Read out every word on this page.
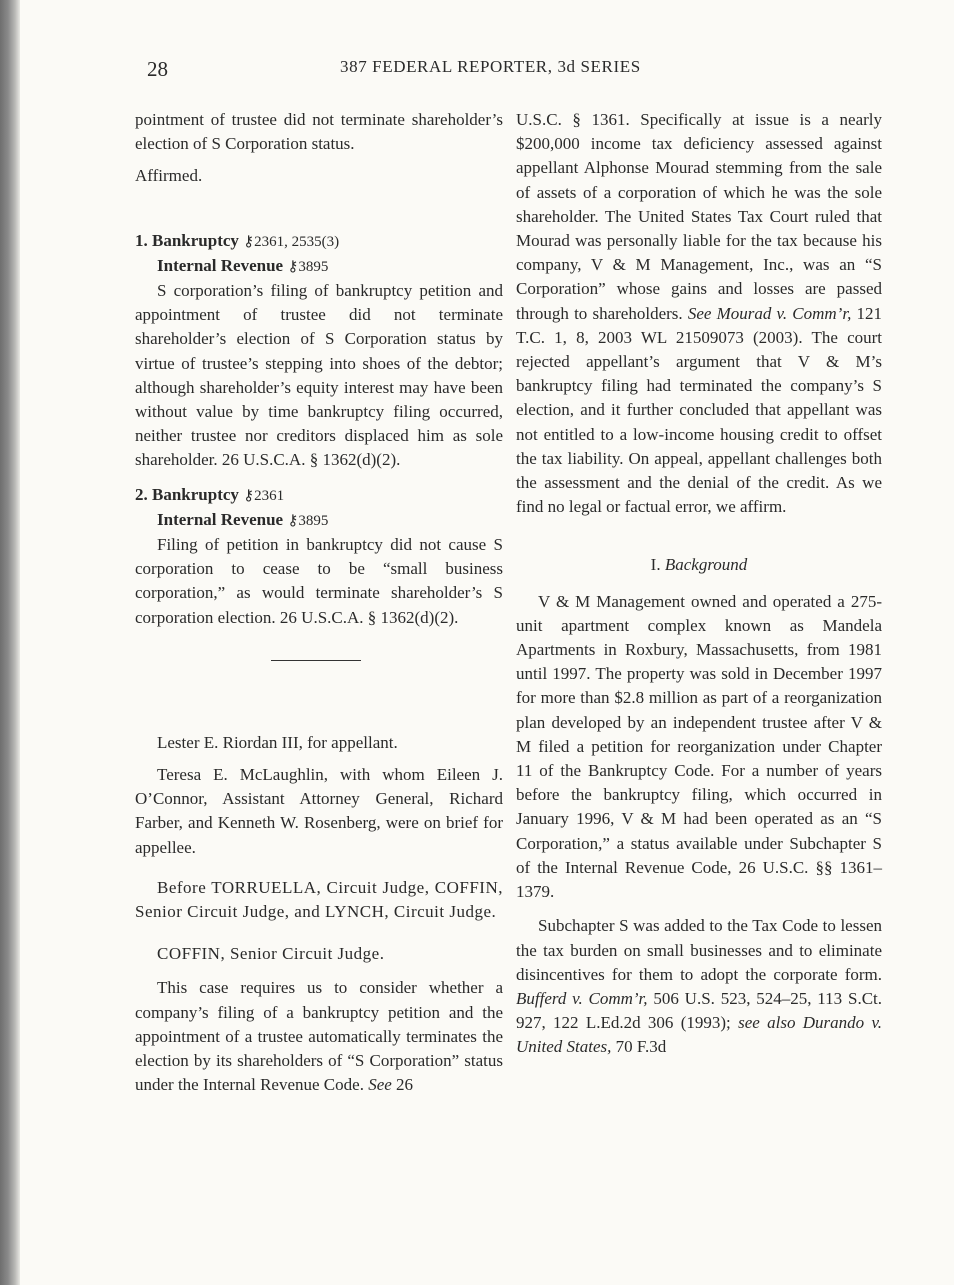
28	387 FEDERAL REPORTER, 3d SERIES

pointment of trustee did not terminate shareholder’s election of S Corporation status.

Affirmed.

1. Bankruptcy ⚷2361, 2535(3)

Internal Revenue ⚷3895

S corporation’s filing of bankruptcy petition and appointment of trustee did not terminate shareholder’s election of S Corporation status by virtue of trustee’s stepping into shoes of the debtor; although shareholder’s equity interest may have been without value by time bankruptcy filing occurred, neither trustee nor creditors displaced him as sole shareholder. 26 U.S.C.A. § 1362(d)(2).

2. Bankruptcy ⚷2361

Internal Revenue ⚷3895

Filing of petition in bankruptcy did not cause S corporation to cease to be “small business corporation,” as would terminate shareholder’s S corporation election. 26 U.S.C.A. § 1362(d)(2).

Lester E. Riordan III, for appellant.

Teresa E. McLaughlin, with whom Eileen J. O’Connor, Assistant Attorney General, Richard Farber, and Kenneth W. Rosenberg, were on brief for appellee.

Before TORRUELLA, Circuit Judge, COFFIN, Senior Circuit Judge, and LYNCH, Circuit Judge.

COFFIN, Senior Circuit Judge.

This case requires us to consider whether a company’s filing of a bankruptcy petition and the appointment of a trustee automatically terminates the election by its shareholders of “S Corporation” status under the Internal Revenue Code. See 26

U.S.C. § 1361. Specifically at issue is a nearly $200,000 income tax deficiency assessed against appellant Alphonse Mourad stemming from the sale of assets of a corporation of which he was the sole shareholder. The United States Tax Court ruled that Mourad was personally liable for the tax because his company, V & M Management, Inc., was an “S Corporation” whose gains and losses are passed through to shareholders. See Mourad v. Comm’r, 121 T.C. 1, 8, 2003 WL 21509073 (2003). The court rejected appellant’s argument that V & M’s bankruptcy filing had terminated the company’s S election, and it further concluded that appellant was not entitled to a low-income housing credit to offset the tax liability. On appeal, appellant challenges both the assessment and the denial of the credit. As we find no legal or factual error, we affirm.

I. Background

V & M Management owned and operated a 275-unit apartment complex known as Mandela Apartments in Roxbury, Massachusetts, from 1981 until 1997. The property was sold in December 1997 for more than $2.8 million as part of a reorganization plan developed by an independent trustee after V & M filed a petition for reorganization under Chapter 11 of the Bankruptcy Code. For a number of years before the bankruptcy filing, which occurred in January 1996, V & M had been operated as an “S Corporation,” a status available under Subchapter S of the Internal Revenue Code, 26 U.S.C. §§ 1361–1379.

Subchapter S was added to the Tax Code to lessen the tax burden on small businesses and to eliminate disincentives for them to adopt the corporate form. Bufferd v. Comm’r, 506 U.S. 523, 524–25, 113 S.Ct. 927, 122 L.Ed.2d 306 (1993); see also Durando v. United States, 70 F.3d
